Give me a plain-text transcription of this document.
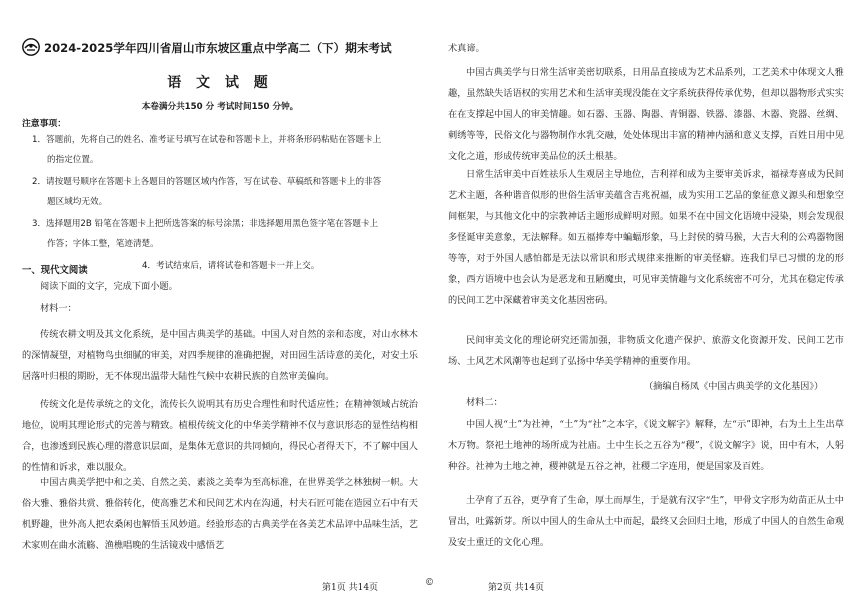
2024-2025学年四川省眉山市东坡区重点中学高二（下）期末考试
语 文 试 题
本卷满分共150 分 考试时间150 分钟。
注意事项：
1．答题前，先将自己的姓名、准考证号填写在试卷和答题卡上，并将条形码粘贴在答题卡上
的指定位置。
2．请按题号顺序在答题卡上各题目的答题区域内作答，写在试卷、草稿纸和答题卡上的非答
题区域均无效。
3．选择题用2B 铅笔在答题卡上把所选答案的标号涂黑；非选择题用黑色签字笔在答题卡上
作答；字体工整，笔迹清楚。
4．考试结束后，请将试卷和答题卡一并上交。
一、现代文阅读
阅读下面的文字，完成下面小题。
材料一：

传统农耕文明及其文化系统，是中国古典美学的基础。中国人对自然的亲和态度，对山水林木的深情凝望，对植物鸟虫细腻的审美，对四季规律的准确把握，对田园生活诗意的美化，对安土乐居落叶归根的期盼，无不体现出温带大陆性气候中农耕民族的自然审美偏向。

传统文化是传承统之的文化，流传长久说明其有历史合理性和时代适应性；在精神领域占统治地位，说明其理论形式的完善与精致。植根传统文化的中华美学精神不仅与意识形态的显性结构相合，也渗透到民族心理的潜意识层面，是集体无意识的共同倾向，得民心者得天下，不了解中国人的性情和诉求，难以服众。

中国古典美学把中和之美、自然之美、素淡之美奉为至高标准，在世界美学之林独树一帜。大俗大雅、雅俗共赏、雅俗转化，使高雅艺术和民间艺术内在沟通，村夫石匠可能在造园立石中有天机野趣，世外高人把农桑闲也解悟玉风妙道。经验形态的古典美学在各美艺术品评中品味生活，艺术家则在曲水流觞、渔樵唱晚的生活镜戏中感悟艺

第1页 共14页	©

术真谛。

中国古典美学与日常生活审美密切联系，日用品直接成为艺术品系列，工艺美术中体现文人雅趣，虽然缺失话语权的实用艺术和生活审美现没能在文字系统获得传承优势，但却以器物形式实实在在支撑起中国人的审美情趣。如石器、玉器、陶器、青铜器、铁器、漆器、木器、瓷器、丝绸、刺绣等等，民俗文化与器物制作水乳交融，处处体现出丰富的精神内涵和意义支撑，百姓日用中见文化之道，形成传统审美品位的沃土根基。

日常生活审美中百姓祛乐人生观居主导地位，吉利祥和成为主要审美诉求，福禄寿喜成为民间艺术主题，各种谐音似形的世俗生活审美蕴含吉兆祝福，成为实用工艺品的象征意义源头和想象空间框架，与其他文化中的宗教神话主题形成鲜明对照。如果不在中国文化语境中浸染，则会发现很多怪诞审美意象，无法解释。如五福捧寿中蝙蝠形象，马上封侯的骑马猴，大吉大利的公鸡器物图等等，对于外国人感怕都是无法以常识和形式规律来推断的审美怪癖。连我们早已习惯的龙的形象，西方语境中也会认为是恶龙和丑陋魔虫，可见审美情趣与文化系统密不可分，尤其在稳定传承的民间工艺中深藏着审美文化基因密码。

民间审美文化的理论研究还需加强，非物质文化遗产保护、旅游文化资源开发、民间工艺市场、土风艺术风潮等也起到了弘扬中华美学精神的重要作用。

（摘编自杨凤《中国古典美学的文化基因》）
材料二：

中国人视“土”为社神，“土”为“社”之本字，《说文解字》解释，左“示”即神，右为土上生出草木万物。祭祀土地神的场所成为社庙。土中生长之五谷为“稷”，《说文解字》说，田中有木，人躬种谷。社神为土地之神，稷神就是五谷之神，社稷二字连用，便是国家及百姓。

土孕育了五谷，更孕育了生命，厚土而厚生，于是就有汉字“生”，甲骨文字形为幼苗正从土中冒出，吐露新芽。所以中国人的生命从土中而起，最终又会回归土地，形成了中国人的自然生命观及安土重迁的文化心理。

第2页 共14页
